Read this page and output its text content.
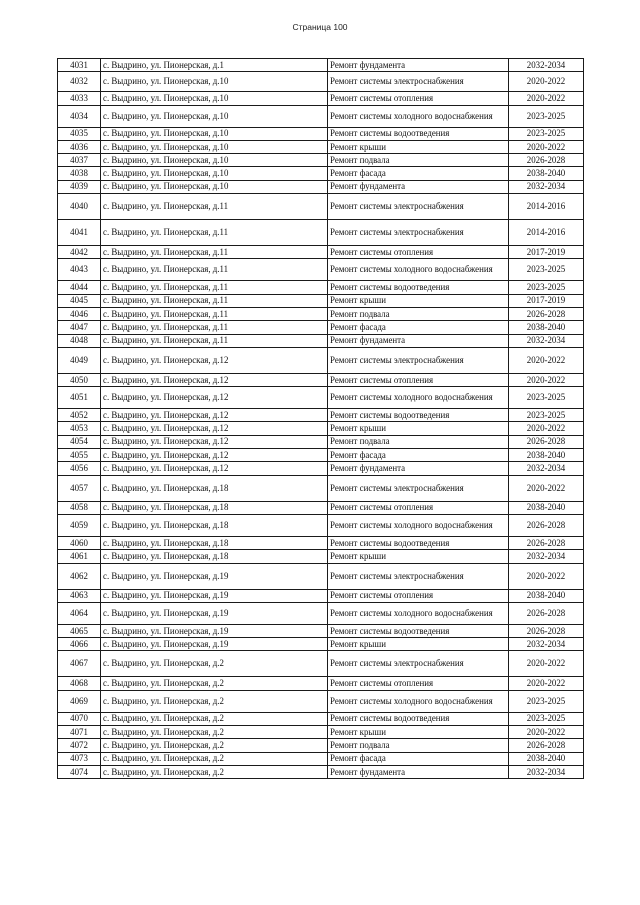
Страница 100
4031	с. Выдрино, ул. Пионерская, д.1	Ремонт фундамента	2032-2034
4032	с. Выдрино, ул. Пионерская, д.10	Ремонт системы электроснабжения	2020-2022
4033	с. Выдрино, ул. Пионерская, д.10	Ремонт системы отопления	2020-2022
4034	с. Выдрино, ул. Пионерская, д.10	Ремонт системы холодного водоснабжения	2023-2025
4035	с. Выдрино, ул. Пионерская, д.10	Ремонт системы водоотведения	2023-2025
4036	с. Выдрино, ул. Пионерская, д.10	Ремонт крыши	2020-2022
4037	с. Выдрино, ул. Пионерская, д.10	Ремонт подвала	2026-2028
4038	с. Выдрино, ул. Пионерская, д.10	Ремонт фасада	2038-2040
4039	с. Выдрино, ул. Пионерская, д.10	Ремонт фундамента	2032-2034
4040	с. Выдрино, ул. Пионерская, д.11	Ремонт системы электроснабжения	2014-2016
4041	с. Выдрино, ул. Пионерская, д.11	Ремонт системы электроснабжения	2014-2016
4042	с. Выдрино, ул. Пионерская, д.11	Ремонт системы отопления	2017-2019
4043	с. Выдрино, ул. Пионерская, д.11	Ремонт системы холодного водоснабжения	2023-2025
4044	с. Выдрино, ул. Пионерская, д.11	Ремонт системы водоотведения	2023-2025
4045	с. Выдрино, ул. Пионерская, д.11	Ремонт крыши	2017-2019
4046	с. Выдрино, ул. Пионерская, д.11	Ремонт подвала	2026-2028
4047	с. Выдрино, ул. Пионерская, д.11	Ремонт фасада	2038-2040
4048	с. Выдрино, ул. Пионерская, д.11	Ремонт фундамента	2032-2034
4049	с. Выдрино, ул. Пионерская, д.12	Ремонт системы электроснабжения	2020-2022
4050	с. Выдрино, ул. Пионерская, д.12	Ремонт системы отопления	2020-2022
4051	с. Выдрино, ул. Пионерская, д.12	Ремонт системы холодного водоснабжения	2023-2025
4052	с. Выдрино, ул. Пионерская, д.12	Ремонт системы водоотведения	2023-2025
4053	с. Выдрино, ул. Пионерская, д.12	Ремонт крыши	2020-2022
4054	с. Выдрино, ул. Пионерская, д.12	Ремонт подвала	2026-2028
4055	с. Выдрино, ул. Пионерская, д.12	Ремонт фасада	2038-2040
4056	с. Выдрино, ул. Пионерская, д.12	Ремонт фундамента	2032-2034
4057	с. Выдрино, ул. Пионерская, д.18	Ремонт системы электроснабжения	2020-2022
4058	с. Выдрино, ул. Пионерская, д.18	Ремонт системы отопления	2038-2040
4059	с. Выдрино, ул. Пионерская, д.18	Ремонт системы холодного водоснабжения	2026-2028
4060	с. Выдрино, ул. Пионерская, д.18	Ремонт системы водоотведения	2026-2028
4061	с. Выдрино, ул. Пионерская, д.18	Ремонт крыши	2032-2034
4062	с. Выдрино, ул. Пионерская, д.19	Ремонт системы электроснабжения	2020-2022
4063	с. Выдрино, ул. Пионерская, д.19	Ремонт системы отопления	2038-2040
4064	с. Выдрино, ул. Пионерская, д.19	Ремонт системы холодного водоснабжения	2026-2028
4065	с. Выдрино, ул. Пионерская, д.19	Ремонт системы водоотведения	2026-2028
4066	с. Выдрино, ул. Пионерская, д.19	Ремонт крыши	2032-2034
4067	с. Выдрино, ул. Пионерская, д.2	Ремонт системы электроснабжения	2020-2022
4068	с. Выдрино, ул. Пионерская, д.2	Ремонт системы отопления	2020-2022
4069	с. Выдрино, ул. Пионерская, д.2	Ремонт системы холодного водоснабжения	2023-2025
4070	с. Выдрино, ул. Пионерская, д.2	Ремонт системы водоотведения	2023-2025
4071	с. Выдрино, ул. Пионерская, д.2	Ремонт крыши	2020-2022
4072	с. Выдрино, ул. Пионерская, д.2	Ремонт подвала	2026-2028
4073	с. Выдрино, ул. Пионерская, д.2	Ремонт фасада	2038-2040
4074	с. Выдрино, ул. Пионерская, д.2	Ремонт фундамента	2032-2034
